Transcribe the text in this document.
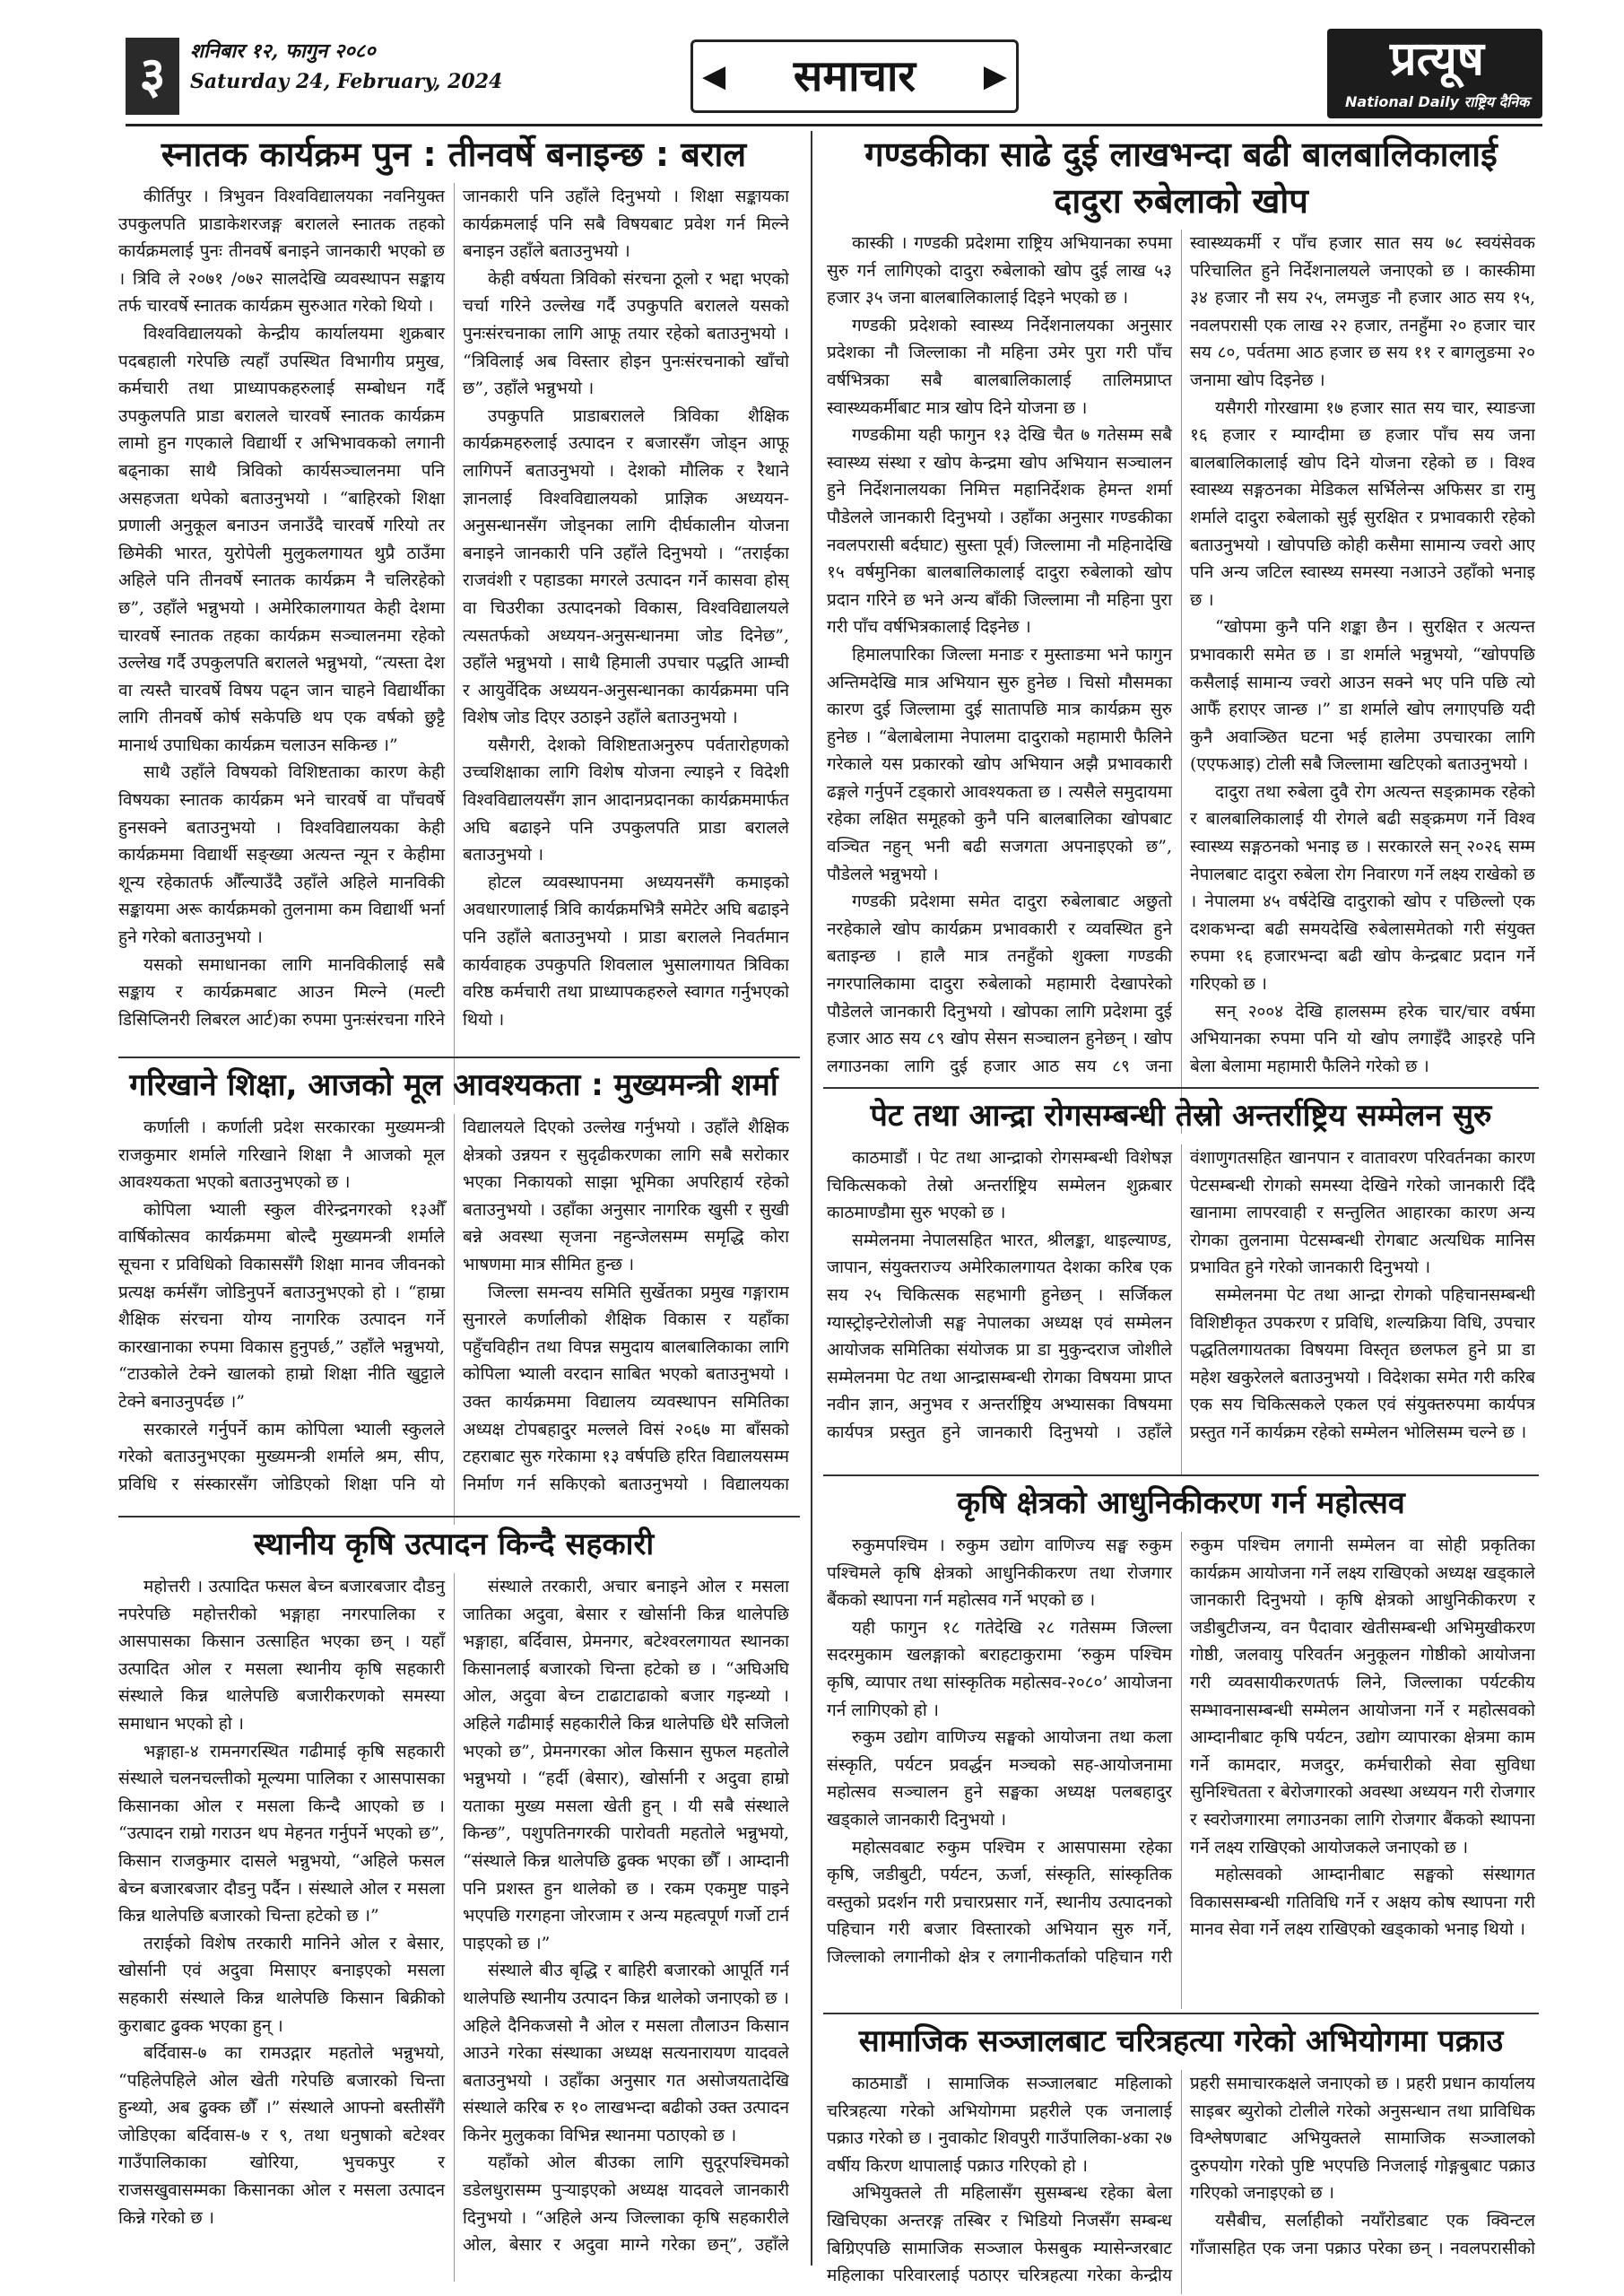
३	शनिबार १२, फागुन २०८०
Saturday 24, February, 2024	◀ समाचार ▶	प्रत्यूष
National Daily राष्ट्रिय दैनिक
स्नातक कार्यक्रम पुन : तीनवर्षे बनाइन्छ : बराल

कीर्तिपुर । त्रिभुवन विश्वविद्यालयका नवनियुक्त उपकुलपति प्राडाकेशरजङ्ग बरालले स्नातक तहको कार्यक्रमलाई पुनः तीनवर्षे बनाइने जानकारी भएको छ । त्रिवि ले २०७१ /०७२ सालदेखि व्यवस्थापन सङ्काय तर्फ चारवर्षे स्नातक कार्यक्रम सुरुआत गरेको थियो ।

विश्वविद्यालयको केन्द्रीय कार्यालयमा शुक्रबार पदबहाली गरेपछि त्यहाँ उपस्थित विभागीय प्रमुख, कर्मचारी तथा प्राध्यापकहरुलाई सम्बोधन गर्दै उपकुलपति प्राडा बरालले चारवर्षे स्नातक कार्यक्रम लामो हुन गएकाले विद्यार्थी र अभिभावकको लगानी बढ्नाका साथै त्रिविको कार्यसञ्चालनमा पनि असहजता थपेको बताउनुभयो । “बाहिरको शिक्षा प्रणाली अनुकूल बनाउन जनाउँदै चारवर्षे गरियो तर छिमेकी भारत, युरोपेली मुलुकलगायत थुप्रै ठाउँमा अहिले पनि तीनवर्षे स्नातक कार्यक्रम नै चलिरहेको छ”, उहाँले भन्नुभयो । अमेरिकालगायत केही देशमा चारवर्षे स्नातक तहका कार्यक्रम सञ्चालनमा रहेको उल्लेख गर्दै उपकुलपति बरालले भन्नुभयो, “त्यस्ता देश वा त्यस्तै चारवर्षे विषय पढ्न जान चाहने विद्यार्थीका लागि तीनवर्षे कोर्ष सकेपछि थप एक वर्षको छुट्टै मानार्थ उपाधिका कार्यक्रम चलाउन सकिन्छ ।”

साथै उहाँले विषयको विशिष्टताका कारण केही विषयका स्नातक कार्यक्रम भने चारवर्षे वा पाँचवर्षे हुनसक्ने बताउनुभयो । विश्वविद्यालयका केही कार्यक्रममा विद्यार्थी सङ्ख्या अत्यन्त न्यून र केहीमा शून्य रहेकातर्फ औँल्याउँदै उहाँले अहिले मानविकी सङ्कायमा अरू कार्यक्रमको तुलनामा कम विद्यार्थी भर्ना हुने गरेको बताउनुभयो ।

यसको समाधानका लागि मानविकीलाई सबै सङ्काय र कार्यक्रमबाट आउन मिल्ने (मल्टी डिसिप्लिनरी लिबरल आर्ट)का रुपमा पुनःसंरचना गरिने जानकारी पनि उहाँले दिनुभयो । शिक्षा सङ्कायका कार्यक्रमलाई पनि सबै विषयबाट प्रवेश गर्न मिल्ने बनाइन उहाँले बताउनुभयो ।

केही वर्षयता त्रिविको संरचना ठूलो र भद्दा भएको चर्चा गरिने उल्लेख गर्दै उपकुपति बरालले यसको पुनःसंरचनाका लागि आफू तयार रहेको बताउनुभयो । “त्रिविलाई अब विस्तार होइन पुनःसंरचनाको खाँचो छ”, उहाँले भन्नुभयो ।

उपकुपति प्राडाबरालले त्रिविका शैक्षिक कार्यक्रमहरुलाई उत्पादन र बजारसँग जोड्न आफू लागिपर्ने बताउनुभयो । देशको मौलिक र रैथाने ज्ञानलाई विश्वविद्यालयको प्राज्ञिक अध्ययन-अनुसन्धानसँग जोड्नका लागि दीर्घकालीन योजना बनाइने जानकारी पनि उहाँले दिनुभयो । “तराईका राजवंशी र पहाडका मगरले उत्पादन गर्ने कासवा होस् वा चिउरीका उत्पादनको विकास, विश्वविद्यालयले त्यसतर्फको अध्ययन-अनुसन्धानमा जोड दिनेछ”, उहाँले भन्नुभयो । साथै हिमाली उपचार पद्धति आम्ची र आयुर्वेदिक अध्ययन-अनुसन्धानका कार्यक्रममा पनि विशेष जोड दिएर उठाइने उहाँले बताउनुभयो ।

यसैगरी, देशको विशिष्टताअनुरुप पर्वतारोहणको उच्चशिक्षाका लागि विशेष योजना ल्याइने र विदेशी विश्वविद्यालयसँग ज्ञान आदानप्रदानका कार्यक्रममार्फत अघि बढाइने पनि उपकुलपति प्राडा बरालले बताउनुभयो ।

होटल व्यवस्थापनमा अध्ययनसँगै कमाइको अवधारणालाई त्रिवि कार्यक्रमभित्रै समेटेर अघि बढाइने पनि उहाँले बताउनुभयो । प्राडा बरालले निवर्तमान कार्यवाहक उपकुपति शिवलाल भुसालगायत त्रिविका वरिष्ठ कर्मचारी तथा प्राध्यापकहरुले स्वागत गर्नुभएको थियो ।

गण्डकीका साढे दुई लाखभन्दा बढी बालबालिकालाई दादुरा रुबेलाको खोप

कास्की । गण्डकी प्रदेशमा राष्ट्रिय अभियानका रुपमा सुरु गर्न लागिएको दादुरा रुबेलाको खोप दुई लाख ५३ हजार ३५ जना बालबालिकालाई दिइने भएको छ ।

गण्डकी प्रदेशको स्वास्थ्य निर्देशनालयका अनुसार प्रदेशका नौ जिल्लाका नौ महिना उमेर पुरा गरी पाँच वर्षभित्रका सबै बालबालिकालाई तालिमप्राप्त स्वास्थ्यकर्मीबाट मात्र खोप दिने योजना छ ।

गण्डकीमा यही फागुन १३ देखि चैत ७ गतेसम्म सबै स्वास्थ्य संस्था र खोप केन्द्रमा खोप अभियान सञ्चालन हुने निर्देशनालयका निमित्त महानिर्देशक हेमन्त शर्मा पौडेलले जानकारी दिनुभयो । उहाँका अनुसार गण्डकीका नवलपरासी बर्दघाट) सुस्ता पूर्व) जिल्लामा नौ महिनादेखि १५ वर्षमुनिका बालबालिकालाई दादुरा रुबेलाको खोप प्रदान गरिने छ भने अन्य बाँकी जिल्लामा नौ महिना पुरा गरी पाँच वर्षभित्रकालाई दिइनेछ ।

हिमालपारिका जिल्ला मनाङ र मुस्ताङमा भने फागुन अन्तिमदेखि मात्र अभियान सुरु हुनेछ । चिसो मौसमका कारण दुई जिल्लामा दुई सातापछि मात्र कार्यक्रम सुरु हुनेछ । “बेलाबेलामा नेपालमा दादुराको महामारी फैलिने गरेकाले यस प्रकारको खोप अभियान अझै प्रभावकारी ढङ्गले गर्नुपर्ने टड्कारो आवश्यकता छ । त्यसैले समुदायमा रहेका लक्षित समूहको कुनै पनि बालबालिका खोपबाट वञ्चित नहुन् भनी बढी सजगता अपनाइएको छ”, पौडेलले भन्नुभयो ।

गण्डकी प्रदेशमा समेत दादुरा रुबेलाबाट अछुतो नरहेकाले खोप कार्यक्रम प्रभावकारी र व्यवस्थित हुने बताइन्छ । हालै मात्र तनहुँको शुक्ला गण्डकी नगरपालिकामा दादुरा रुबेलाको महामारी देखापरेको पौडेलले जानकारी दिनुभयो । खोपका लागि प्रदेशमा दुई हजार आठ सय ८९ खोप सेसन सञ्चालन हुनेछन् । खोप लगाउनका लागि दुई हजार आठ सय ८९ जना स्वास्थ्यकर्मी र पाँच हजार सात सय ७८ स्वयंसेवक परिचालित हुने निर्देशनालयले जनाएको छ । कास्कीमा ३४ हजार नौ सय २५, लमजुङ नौ हजार आठ सय १५, नवलपरासी एक लाख २२ हजार, तनहुँमा २० हजार चार सय ८०, पर्वतमा आठ हजार छ सय ११ र बागलुङमा २० जनामा खोप दिइनेछ ।

यसैगरी गोरखामा १७ हजार सात सय चार, स्याङजा १६ हजार र म्याग्दीमा छ हजार पाँच सय जना बालबालिकालाई खोप दिने योजना रहेको छ । विश्व स्वास्थ्य सङ्गठनका मेडिकल सर्भिलेन्स अफिसर डा रामु शर्माले दादुरा रुबेलाको सुई सुरक्षित र प्रभावकारी रहेको बताउनुभयो । खोपपछि कोही कसैमा सामान्य ज्वरो आए पनि अन्य जटिल स्वास्थ्य समस्या नआउने उहाँको भनाइ छ ।

“खोपमा कुनै पनि शङ्का छैन । सुरक्षित र अत्यन्त प्रभावकारी समेत छ । डा शर्माले भन्नुभयो, “खोपपछि कसैलाई सामान्य ज्वरो आउन सक्ने भए पनि पछि त्यो आफैँ हराएर जान्छ ।” डा शर्माले खोप लगाएपछि यदी कुनै अवाञ्छित घटना भई हालेमा उपचारका लागि (एएफआइ) टोली सबै जिल्लामा खटिएको बताउनुभयो ।

दादुरा तथा रुबेला दुवै रोग अत्यन्त सङ्क्रामक रहेको र बालबालिकालाई यी रोगले बढी सङ्क्रमण गर्ने विश्व स्वास्थ्य सङ्गठनको भनाइ छ । सरकारले सन् २०२६ सम्म नेपालबाट दादुरा रुबेला रोग निवारण गर्ने लक्ष्य राखेको छ । नेपालमा ४५ वर्षदेखि दादुराको खोप र पछिल्लो एक दशकभन्दा बढी समयदेखि रुबेलासमेतको गरी संयुक्त रुपमा १६ हजारभन्दा बढी खोप केन्द्रबाट प्रदान गर्ने गरिएको छ ।

सन् २००४ देखि हालसम्म हरेक चार/चार वर्षमा अभियानका रुपमा पनि यो खोप लगाइँदै आइरहे पनि बेला बेलामा महामारी फैलिने गरेको छ ।

गरिखाने शिक्षा, आजको मूल आवश्यकता : मुख्यमन्त्री शर्मा

कर्णाली । कर्णाली प्रदेश सरकारका मुख्यमन्त्री राजकुमार शर्माले गरिखाने शिक्षा नै आजको मूल आवश्यकता भएको बताउनुभएको छ ।

कोपिला भ्याली स्कुल वीरेन्द्रनगरको १३औँ वार्षिकोत्सव कार्यक्रममा बोल्दै मुख्यमन्त्री शर्माले सूचना र प्रविधिको विकाससँगै शिक्षा मानव जीवनको प्रत्यक्ष कर्मसँग जोडिनुपर्ने बताउनुभएको हो । “हाम्रा शैक्षिक संरचना योग्य नागरिक उत्पादन गर्ने कारखानाका रुपमा विकास हुनुपर्छ,” उहाँले भन्नुभयो, “टाउकोले टेक्ने खालको हाम्रो शिक्षा नीति खुट्टाले टेक्ने बनाउनुपर्दछ ।”

सरकारले गर्नुपर्ने काम कोपिला भ्याली स्कुलले गरेको बताउनुभएका मुख्यमन्त्री शर्माले श्रम, सीप, प्रविधि र संस्कारसँग जोडिएको शिक्षा पनि यो विद्यालयले दिएको उल्लेख गर्नुभयो । उहाँले शैक्षिक क्षेत्रको उन्नयन र सुदृढीकरणका लागि सबै सरोकार भएका निकायको साझा भूमिका अपरिहार्य रहेको बताउनुभयो । उहाँका अनुसार नागरिक खुसी र सुखी बन्ने अवस्था सृजना नहुन्जेलसम्म समृद्धि कोरा भाषणमा मात्र सीमित हुन्छ ।

जिल्ला समन्वय समिति सुर्खेतका प्रमुख गङ्गाराम सुनारले कर्णालीको शैक्षिक विकास र यहाँका पहुँचविहीन तथा विपन्न समुदाय बालबालिकाका लागि कोपिला भ्याली वरदान साबित भएको बताउनुभयो । उक्त कार्यक्रममा विद्यालय व्यवस्थापन समितिका अध्यक्ष टोपबहादुर मल्लले विसं २०६७ मा बाँसको टहराबाट सुरु गरेकामा १३ वर्षपछि हरित विद्यालयसम्म निर्माण गर्न सकिएको बताउनुभयो । विद्यालयका

पेट तथा आन्द्रा रोगसम्बन्धी तेस्रो अन्तर्राष्ट्रिय सम्मेलन सुरु

काठमाडौं । पेट तथा आन्द्राको रोगसम्बन्धी विशेषज्ञ चिकित्सकको तेस्रो अन्तर्राष्ट्रिय सम्मेलन शुक्रबार काठमाण्डौमा सुरु भएको छ ।

सम्मेलनमा नेपालसहित भारत, श्रीलङ्का, थाइल्याण्ड, जापान, संयुक्तराज्य अमेरिकालगायत देशका करिब एक सय २५ चिकित्सक सहभागी हुनेछन् । सर्जिकल ग्यास्ट्रोइन्टेरोलोजी सङ्घ नेपालका अध्यक्ष एवं सम्मेलन आयोजक समितिका संयोजक प्रा डा मुकुन्दराज जोशीले सम्मेलनमा पेट तथा आन्द्रासम्बन्धी रोगका विषयमा प्राप्त नवीन ज्ञान, अनुभव र अन्तर्राष्ट्रिय अभ्यासका विषयमा कार्यपत्र प्रस्तुत हुने जानकारी दिनुभयो । उहाँले वंशाणुगतसहित खानपान र वातावरण परिवर्तनका कारण पेटसम्बन्धी रोगको समस्या देखिने गरेको जानकारी दिँदै खानामा लापरवाही र सन्तुलित आहारका कारण अन्य रोगका तुलनामा पेटसम्बन्धी रोगबाट अत्यधिक मानिस प्रभावित हुने गरेको जानकारी दिनुभयो ।

सम्मेलनमा पेट तथा आन्द्रा रोगको पहिचानसम्बन्धी विशिष्टीकृत उपकरण र प्रविधि, शल्यक्रिया विधि, उपचार पद्धतिलगायतका विषयमा विस्तृत छलफल हुने प्रा डा महेश खकुरेलले बताउनुभयो । विदेशका समेत गरी करिब एक सय चिकित्सकले एकल एवं संयुक्तरुपमा कार्यपत्र प्रस्तुत गर्ने कार्यक्रम रहेको सम्मेलन भोलिसम्म चल्ने छ ।

स्थानीय कृषि उत्पादन किन्दै सहकारी

महोत्तरी । उत्पादित फसल बेच्न बजारबजार दौडनु नपरेपछि महोत्तरीको भङ्गाहा नगरपालिका र आसपासका किसान उत्साहित भएका छन् । यहाँ उत्पादित ओल र मसला स्थानीय कृषि सहकारी संस्थाले किन्न थालेपछि बजारीकरणको समस्या समाधान भएको हो ।

भङ्गाहा-४ रामनगरस्थित गढीमाई कृषि सहकारी संस्थाले चलनचल्तीको मूल्यमा पालिका र आसपासका किसानका ओल र मसला किन्दै आएको छ । “उत्पादन राम्रो गराउन थप मेहनत गर्नुपर्ने भएको छ”, किसान राजकुमार दासले भन्नुभयो, “अहिले फसल बेच्न बजारबजार दौडनु पर्दैन । संस्थाले ओल र मसला किन्न थालेपछि बजारको चिन्ता हटेको छ ।”

तराईको विशेष तरकारी मानिने ओल र बेसार, खोर्सानी एवं अदुवा मिसाएर बनाइएको मसला सहकारी संस्थाले किन्न थालेपछि किसान बिक्रीको कुराबाट ढुक्क भएका हुन् ।

बर्दिवास-७ का रामउद्गार महतोले भन्नुभयो, “पहिलेपहिले ओल खेती गरेपछि बजारको चिन्ता हुन्थ्यो, अब ढुक्क छौँ ।” संस्थाले आफ्नो बस्तीसँगै जोडिएका बर्दिवास-७ र ९, तथा धनुषाको बटेश्वर गाउँपालिकाका खोरिया, भुचकपुर र राजसखुवासम्मका किसानका ओल र मसला उत्पादन किन्ने गरेको छ ।

संस्थाले तरकारी, अचार बनाइने ओल र मसला जातिका अदुवा, बेसार र खोर्सानी किन्न थालेपछि भङ्गाहा, बर्दिवास, प्रेमनगर, बटेश्वरलगायत स्थानका किसानलाई बजारको चिन्ता हटेको छ । “अघिअघि ओल, अदुवा बेच्न टाढाटाढाको बजार गइन्थ्यो । अहिले गढीमाई सहकारीले किन्न थालेपछि धेरै सजिलो भएको छ”, प्रेमनगरका ओल किसान सुफल महतोले भन्नुभयो । “हर्दी (बेसार), खोर्सानी र अदुवा हाम्रो यताका मुख्य मसला खेती हुन् । यी सबै संस्थाले किन्छ”, पशुपतिनगरकी पारोवती महतोले भन्नुभयो, “संस्थाले किन्न थालेपछि ढुक्क भएका छौँ । आम्दानी पनि प्रशस्त हुन थालेको छ । रकम एकमुष्ट पाइने भएपछि गरगहना जोरजाम र अन्य महत्वपूर्ण गर्जो टार्न पाइएको छ ।”

संस्थाले बीउ बृद्धि र बाहिरी बजारको आपूर्ति गर्न थालेपछि स्थानीय उत्पादन किन्न थालेको जनाएको छ । अहिले दैनिकजसो नै ओल र मसला तौलाउन किसान आउने गरेका संस्थाका अध्यक्ष सत्यनारायण यादवले बताउनुभयो । उहाँका अनुसार गत असोजयतादेखि संस्थाले करिब रु १० लाखभन्दा बढीको उक्त उत्पादन किनेर मुलुकका विभिन्न स्थानमा पठाएको छ ।

यहाँको ओल बीउका लागि सुदूरपश्चिमको डडेलधुरासम्म पुऱ्याइएको अध्यक्ष यादवले जानकारी दिनुभयो । “अहिले अन्य जिल्लाका कृषि सहकारीले ओल, बेसार र अदुवा माग्ने गरेका छन्”, उहाँले

कृषि क्षेत्रको आधुनिकीकरण गर्न महोत्सव

रुकुमपश्चिम । रुकुम उद्योग वाणिज्य सङ्घ रुकुम पश्चिमले कृषि क्षेत्रको आधुनिकीकरण तथा रोजगार बैंकको स्थापना गर्न महोत्सव गर्ने भएको छ ।

यही फागुन १८ गतेदेखि २८ गतेसम्म जिल्ला सदरमुकाम खलङ्गाको बराहटाकुरामा ‘रुकुम पश्चिम कृषि, व्यापार तथा सांस्कृतिक महोत्सव-२०८०’ आयोजना गर्न लागिएको हो ।

रुकुम उद्योग वाणिज्य सङ्घको आयोजना तथा कला संस्कृति, पर्यटन प्रवर्द्धन मञ्चको सह-आयोजनामा महोत्सव सञ्चालन हुने सङ्घका अध्यक्ष पलबहादुर खड्काले जानकारी दिनुभयो ।

महोत्सवबाट रुकुम पश्चिम र आसपासमा रहेका कृषि, जडीबुटी, पर्यटन, ऊर्जा, संस्कृति, सांस्कृतिक वस्तुको प्रदर्शन गरी प्रचारप्रसार गर्ने, स्थानीय उत्पादनको पहिचान गरी बजार विस्तारको अभियान सुरु गर्ने, जिल्लाको लगानीको क्षेत्र र लगानीकर्ताको पहिचान गरी रुकुम पश्चिम लगानी सम्मेलन वा सोही प्रकृतिका कार्यक्रम आयोजना गर्ने लक्ष्य राखिएको अध्यक्ष खड्काले जानकारी दिनुभयो । कृषि क्षेत्रको आधुनिकीकरण र जडीबुटीजन्य, वन पैदावार खेतीसम्बन्धी अभिमुखीकरण गोष्ठी, जलवायु परिवर्तन अनुकूलन गोष्ठीको आयोजना गरी व्यवसायीकरणतर्फ लिने, जिल्लाका पर्यटकीय सम्भावनासम्बन्धी सम्मेलन आयोजना गर्ने र महोत्सवको आम्दानीबाट कृषि पर्यटन, उद्योग व्यापारका क्षेत्रमा काम गर्ने कामदार, मजदुर, कर्मचारीको सेवा सुविधा सुनिश्चितता र बेरोजगारको अवस्था अध्ययन गरी रोजगार र स्वरोजगारमा लगाउनका लागि रोजगार बैंकको स्थापना गर्ने लक्ष्य राखिएको आयोजकले जनाएको छ ।

महोत्सवको आम्दानीबाट सङ्घको संस्थागत विकाससम्बन्धी गतिविधि गर्ने र अक्षय कोष स्थापना गरी मानव सेवा गर्ने लक्ष्य राखिएको खड्काको भनाइ थियो ।

सामाजिक सञ्जालबाट चरित्रहत्या गरेको अभियोगमा पक्राउ

काठमाडौं । सामाजिक सञ्जालबाट महिलाको चरित्रहत्या गरेको अभियोगमा प्रहरीले एक जनालाई पक्राउ गरेको छ । नुवाकोट शिवपुरी गाउँपालिका-४का २७ वर्षीय किरण थापालाई पक्राउ गरिएको हो ।

अभियुक्तले ती महिलासँग सुसम्बन्ध रहेका बेला खिचिएका अन्तरङ्ग तस्बिर र भिडियो निजसँग सम्बन्ध बिग्रिएपछि सामाजिक सञ्जाल फेसबुक म्यासेन्जरबाट महिलाका परिवारलाई पठाएर चरित्रहत्या गरेका केन्द्रीय प्रहरी समाचारकक्षले जनाएको छ । प्रहरी प्रधान कार्यालय साइबर ब्युरोको टोलीले गरेको अनुसन्धान तथा प्राविधिक विश्लेषणबाट अभियुक्तले सामाजिक सञ्जालको दुरुपयोग गरेको पुष्टि भएपछि निजलाई गोङ्गबुबाट पक्राउ गरिएको जनाइएको छ ।

यसैबीच, सर्लाहीको नयाँरोडबाट एक क्विन्टल गाँजासहित एक जना पक्राउ परेका छन् । नवलपरासीको
